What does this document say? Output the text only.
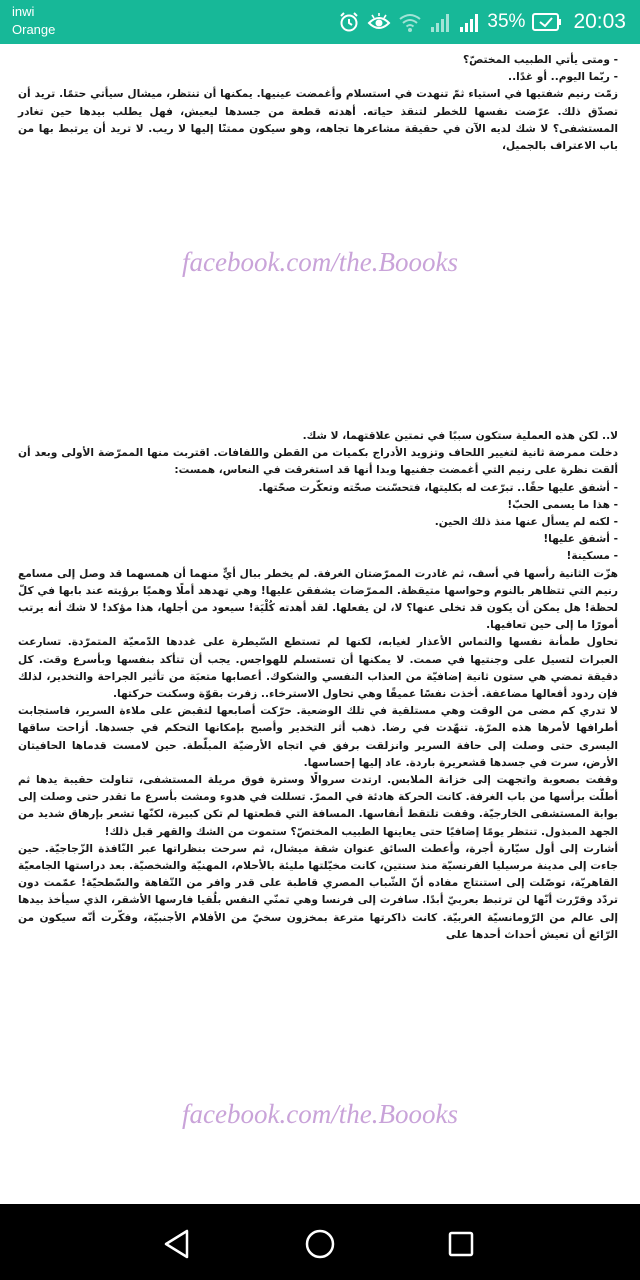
inwi
Orange	35% 20:03

- ومتى يأتي الطبيب المختصّ؟

- ربّما اليوم.. أو غدًا..

زمّت رنيم شفتيها في استياء ثمّ تنهدت في استسلام وأغمضت عينيها. يمكنها أن تنتظر، ميشال سيأتي حتمًا. تريد أن تصدّق ذلك. عرّضت نفسها للخطر لتنقذ حياته. أهدته قطعة من جسدها ليعيش، فهل يطلب بيدها حين تغادر المستشفى؟ لا شك لديه الآن في حقيقة مشاعرها تجاهه، وهو سيكون ممتنًا إليها لا ريب. لا تريد أن يرتبط بها من باب الاعتراف بالجميل،

facebook.com/the.Boooks

لا.. لكن هذه العملية ستكون سببًا في تمتين علاقتهما، لا شك.

دخلت ممرضة ثانية لتغيير اللحاف وتزويد الأدراج بكميات من القطن واللفافات. اقتربت منها الممرّضة الأولى وبعد أن ألقت نظرة على رنيم التي أغمضت جفنيها وبدا أنها قد استغرقت في النعاس، همست:

- أشفق عليها حقًا.. تبرّعت له بكليتها، فتحسّنت صحّته وتعكّرت صحّتها.

- هذا ما يسمى الحبّ!

- لكنه لم يسأل عنها منذ ذلك الحين.

- أشفق عليها!

- مسكينة!

هزّت الثانية رأسها في أسف، ثم غادرت الممرّضتان الغرفة. لم يخطر ببال أيٍّ منهما أن همسهما قد وصل إلى مسامع رنيم التي تتظاهر بالنوم وحواسها متيقظة. الممرّضات يشفقن عليها! وهي تهدهد أملًا وهميًا برؤيته عند بابها في كلّ لحظة! هل يمكن أن يكون قد تخلى عنها؟ لا، لن يفعلها. لقد أهدته كُلْيَة! سيعود من أجلها، هذا مؤكد! لا شك أنه يرتب أمورًا ما إلى حين تعافيها.

تحاول طمأنة نفسها والتماس الأعذار لغيابه، لكنها لم تستطع السّيطرة على غددها الدّمعيّة المتمرّدة. تسارعت العبرات لتسيل على وجنتيها في صمت. لا يمكنها أن تستسلم للهواجس. يجب أن تتأكد بنفسها وبأسرع وقت. كل دقيقة تمضي هي ستون ثانية إضافيّة من العذاب النفسي والشكوك. أعصابها متعبَة من تأثير الجراحة والتخدير، لذلك فإن ردود أفعالها مضاعفة. أخذت نفسًا عميقًا وهي تحاول الاسترخاء.. زفرت بقوّة وسكنت حركتها.

لا تدري كم مضى من الوقت وهي مستلقية في تلك الوضعية. حرّكت أصابعها لتقبض على ملاءة السرير، فاستجابت أطرافها لأمرها هذه المرّة. تنهّدت في رضا. ذهب أثر التخدير وأصبح بإمكانها التحكم في جسدها. أزاحت ساقها اليسرى حتى وصلت إلى حافة السرير وانزلقت برفق في اتجاه الأرضيّة المبلّطة. حين لامست قدماها الحافيتان الأرض، سرت في جسدها قشعريرة باردة. عاد إليها إحساسها.

وقفت بصعوبة واتجهت إلى خزانة الملابس. ارتدت سروالًا وسترة فوق مريلة المستشفى، تناولت حقيبة يدها ثم أطلّت برأسها من باب الغرفة. كانت الحركة هادئة في الممرّ. تسللت في هدوء ومشت بأسرع ما تقدر حتى وصلت إلى بوابة المستشفى الخارجيّة. وقفت تلتقط أنفاسها. المسافة التي قطعتها لم تكن كبيرة، لكنّها تشعر بإرهاق شديد من الجهد المبذول. تنتظر يومًا إضافيًا حتى يعاينها الطبيب المختصّ؟ ستموت من الشك والقهر قبل ذلك!

أشارت إلى أول سيّارة أجرة، وأعطت السائق عنوان شقة ميشال، ثم سرحت بنظراتها عبر النّافذة الزّجاجيّة. حين جاءت إلى مدينة مرسيليا الفرنسيّة منذ سنتين، كانت مخيّلتها مليئة بالأحلام، المهنيّة والشخصيّة. بعد دراستها الجامعيّة القاهريّة، توصّلت إلى استنتاج مفاده أنّ الشّباب المصري قاطبة على قدر وافر من التّفاهة والسّطحيّة! عمّمت دون تردّد وقرّرت أنّها لن ترتبط بعربيّ أبدًا. سافرت إلى فرنسا وهي تمنّي النفس بلُقيا فارسها الأشقر، الذي سيأخذ بيدها إلى عالم من الرّومانسيّة الغربيّة. كانت ذاكرتها مترعة بمخزون سخيّ من الأفلام الأجنبيّة، وفكّرت أنّه سيكون من الرّائع أن تعيش أحداث أحدها على

facebook.com/the.Boooks
